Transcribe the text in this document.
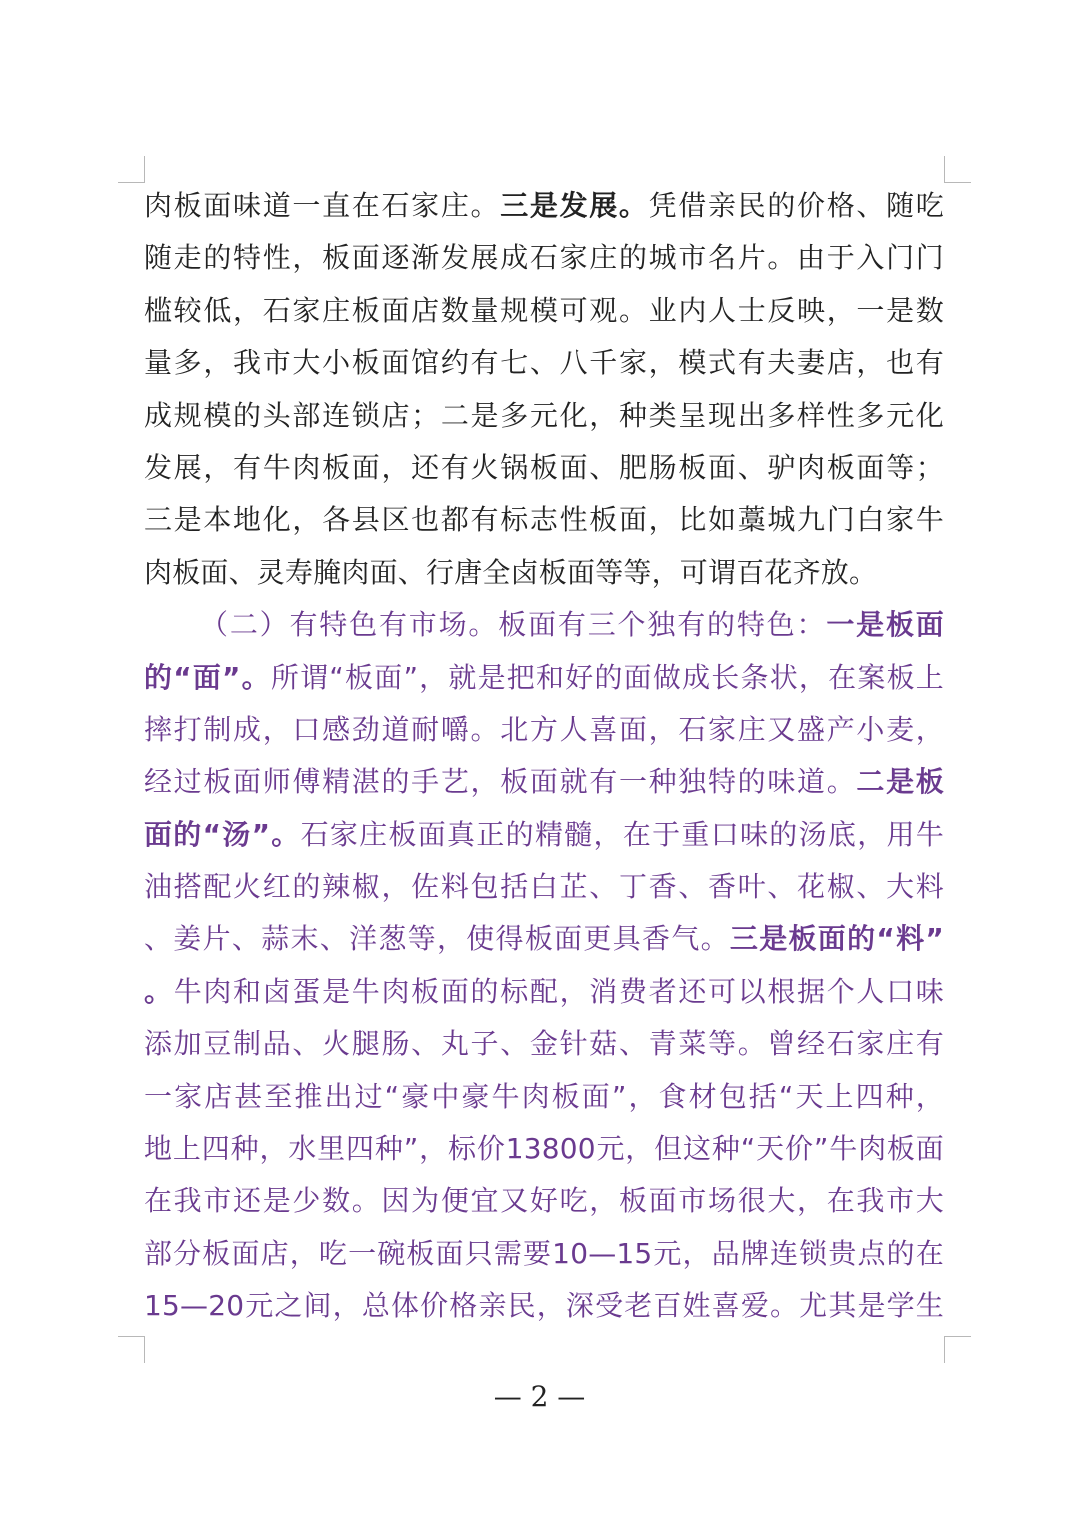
肉板面味道一直在石家庄。三是发展。凭借亲民的价格、随吃
随走的特性，板面逐渐发展成石家庄的城市名片。由于入门门
槛较低，石家庄板面店数量规模可观。业内人士反映，一是数
量多，我市大小板面馆约有七、八千家，模式有夫妻店，也有
成规模的头部连锁店；二是多元化，种类呈现出多样性多元化
发展，有牛肉板面，还有火锅板面、肥肠板面、驴肉板面等；
三是本地化，各县区也都有标志性板面，比如藁城九门白家牛
肉板面、灵寿腌肉面、行唐全卤板面等等，可谓百花齐放。
（二）有特色有市场。板面有三个独有的特色：一是板面
的“面”。所谓“板面”，就是把和好的面做成长条状，在案板上
摔打制成，口感劲道耐嚼。北方人喜面，石家庄又盛产小麦，
经过板面师傅精湛的手艺，板面就有一种独特的味道。二是板
面的“汤”。石家庄板面真正的精髓，在于重口味的汤底，用牛
油搭配火红的辣椒，佐料包括白芷、丁香、香叶、花椒、大料
、姜片、蒜末、洋葱等，使得板面更具香气。三是板面的“料”
。牛肉和卤蛋是牛肉板面的标配，消费者还可以根据个人口味
添加豆制品、火腿肠、丸子、金针菇、青菜等。曾经石家庄有
一家店甚至推出过“豪中豪牛肉板面”，食材包括“天上四种，
地上四种，水里四种”，标价13800元，但这种“天价”牛肉板面
在我市还是少数。因为便宜又好吃，板面市场很大，在我市大
部分板面店，吃一碗板面只需要10—15元，品牌连锁贵点的在
15—20元之间，总体价格亲民，深受老百姓喜爱。尤其是学生
— 2 —
